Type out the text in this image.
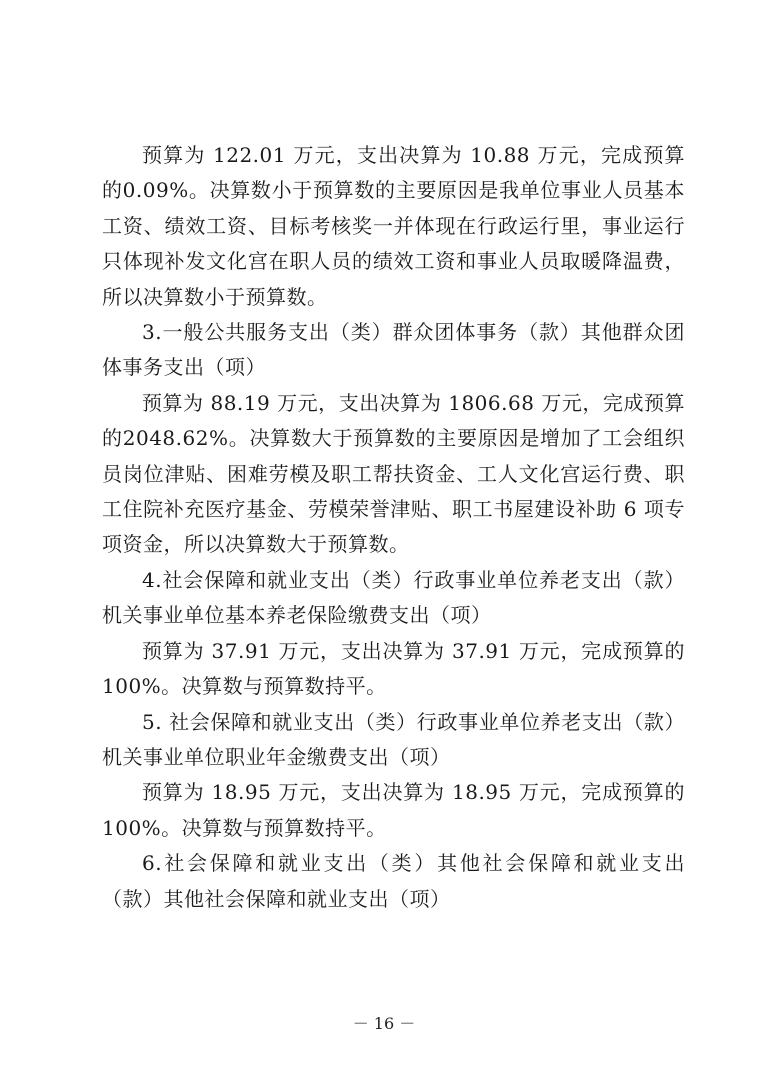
预算为 122.01 万元，支出决算为 10.88 万元，完成预算的0.09%。决算数小于预算数的主要原因是我单位事业人员基本工资、绩效工资、目标考核奖一并体现在行政运行里，事业运行只体现补发文化宫在职人员的绩效工资和事业人员取暖降温费，所以决算数小于预算数。

3.一般公共服务支出（类）群众团体事务（款）其他群众团体事务支出（项）

预算为 88.19 万元，支出决算为 1806.68 万元，完成预算的2048.62%。决算数大于预算数的主要原因是增加了工会组织员岗位津贴、困难劳模及职工帮扶资金、工人文化宫运行费、职工住院补充医疗基金、劳模荣誉津贴、职工书屋建设补助 6 项专项资金，所以决算数大于预算数。

4.社会保障和就业支出（类）行政事业单位养老支出（款）机关事业单位基本养老保险缴费支出（项）

预算为 37.91 万元，支出决算为 37.91 万元，完成预算的100%。决算数与预算数持平。

5. 社会保障和就业支出（类）行政事业单位养老支出（款）机关事业单位职业年金缴费支出（项）

预算为 18.95 万元，支出决算为 18.95 万元，完成预算的100%。决算数与预算数持平。

6.社会保障和就业支出（类）其他社会保障和就业支出（款）其他社会保障和就业支出（项）

－ 16 －
